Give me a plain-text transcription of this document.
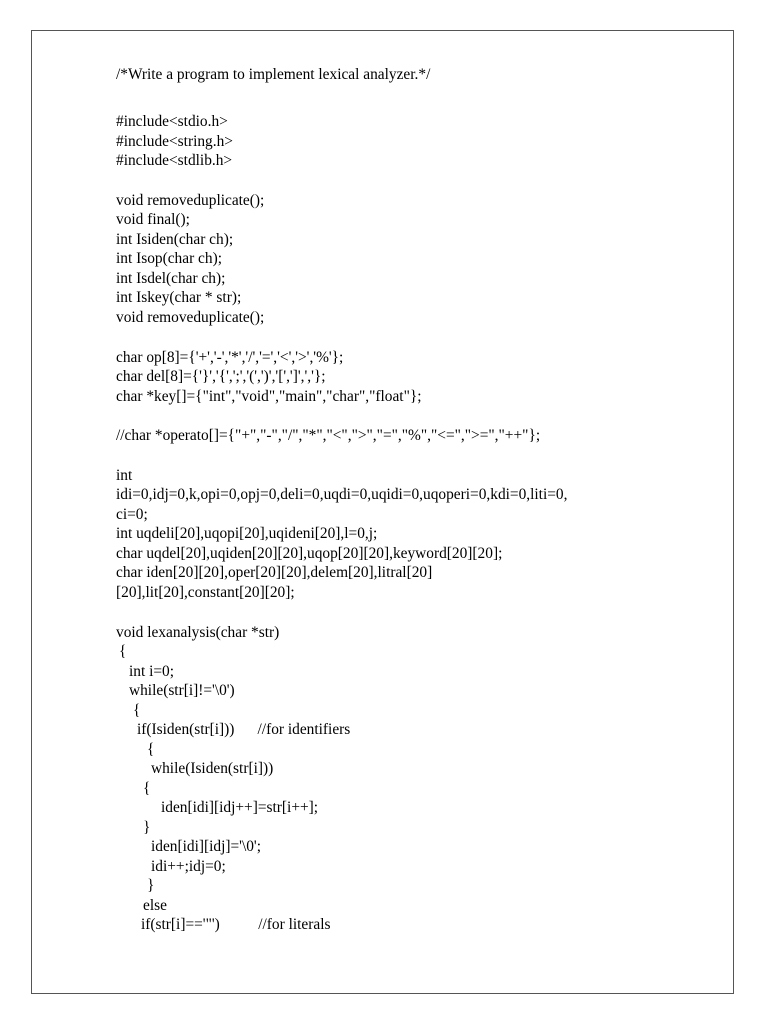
/*Write a program to implement lexical analyzer.*/
#include<stdio.h>
#include<string.h>
#include<stdlib.h>
void removeduplicate();
void final();
int Isiden(char ch);
int Isop(char ch);
int Isdel(char ch);
int Iskey(char * str);
void removeduplicate();
char op[8]={'+','-','*','/','=','<','>','%'};
char del[8]={'}','{',';','(',')','[',']',','};
char *key[]={"int","void","main","char","float"};
//char *operato[]={"+","-","/","*","<",">","=","%","<=",">=","++"};
int
idi=0,idj=0,k,opi=0,opj=0,deli=0,uqdi=0,uqidi=0,uqoperi=0,kdi=0,liti=0,
ci=0;
int uqdeli[20],uqopi[20],uqideni[20],l=0,j;
char uqdel[20],uqiden[20][20],uqop[20][20],keyword[20][20];
char iden[20][20],oper[20][20],delem[20],litral[20]
[20],lit[20],constant[20][20];
void lexanalysis(char *str)
{
int i=0;
while(str[i]!='\0')
{
if(Isiden(str[i]))      //for identifiers
{
while(Isiden(str[i]))
{
iden[idi][idj++]=str[i++];
}
iden[idi][idj]='\0';
idi++;idj=0;
}
else
if(str[i]=='"')          //for literals
